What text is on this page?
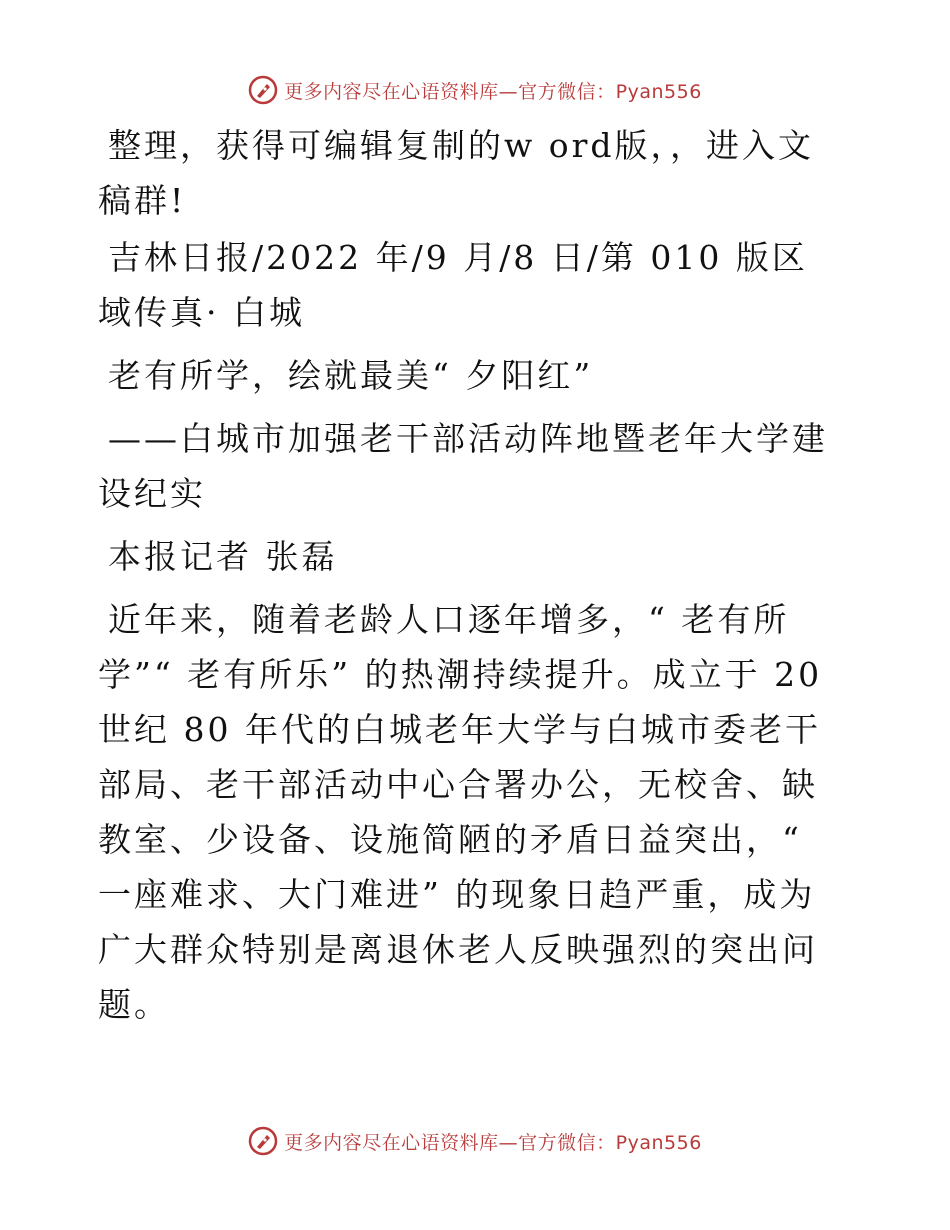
更多内容尽在心语资料库—官方微信：Pyan556

整理，获得可编辑复制的w ord版，，进入文稿群!

吉林日报/2022 年/9 月/8 日/第 010 版区域传真· 白城

老有所学，绘就最美“ 夕阳红”

——白城市加强老干部活动阵地暨老年大学建设纪实

本报记者 张磊

近年来，随着老龄人口逐年增多，“ 老有所学”“ 老有所乐” 的热潮持续提升。成立于 20 世纪 80 年代的白城老年大学与白城市委老干部局、老干部活动中心合署办公，无校舍、缺教室、少设备、设施简陋的矛盾日益突出，“ 一座难求、大门难进” 的现象日趋严重，成为广大群众特别是离退休老人反映强烈的突出问题。

更多内容尽在心语资料库—官方微信：Pyan556
